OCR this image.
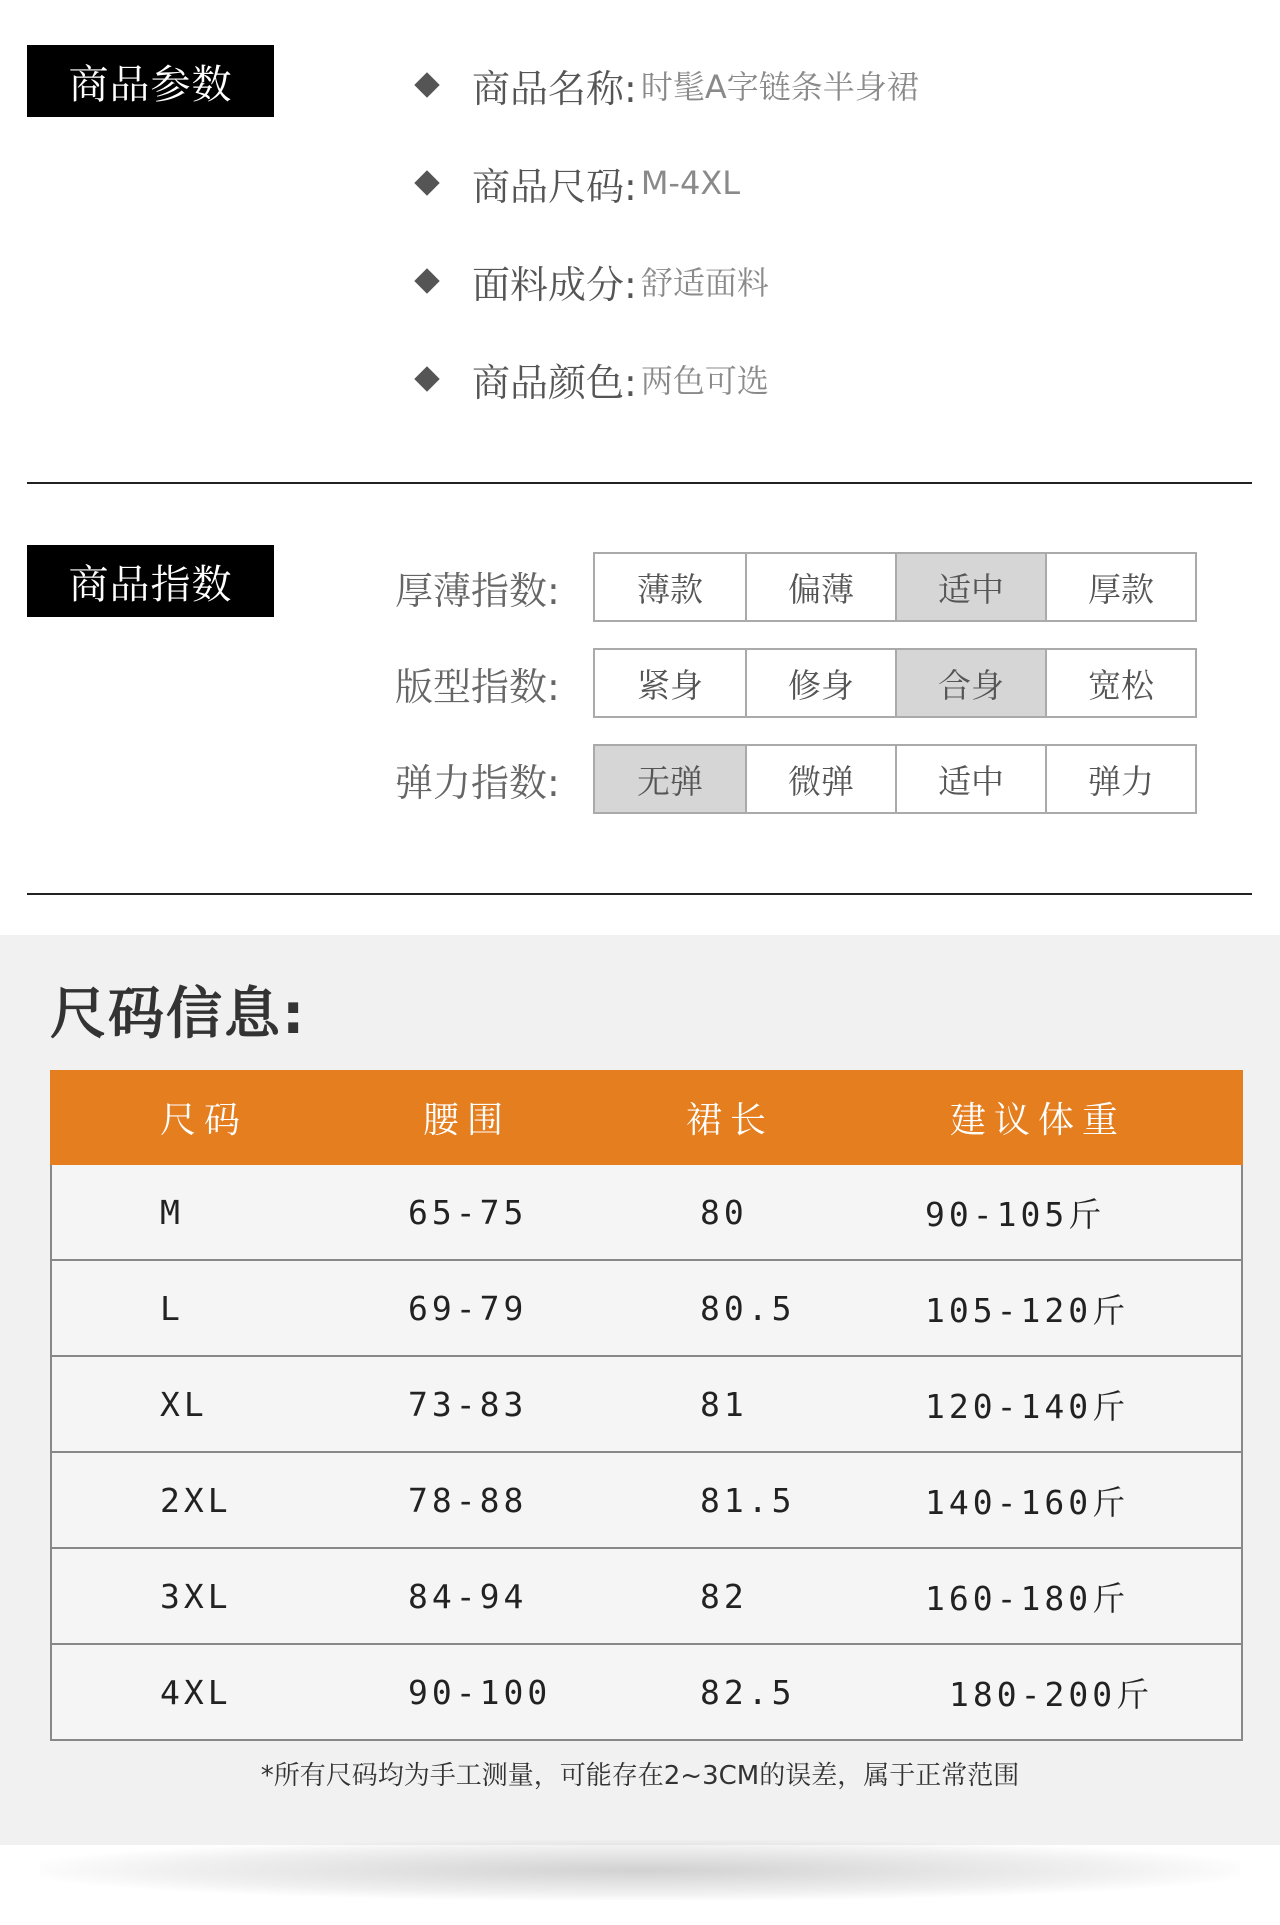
商品参数	商品名称: 时髦A字链条半身裙
商品尺码: M-4XL
面料成分: 舒适面料
商品颜色: 两色可选
商品指数	厚薄指数:	薄款	偏薄	适中	厚款
版型指数:	紧身	修身	合身	宽松
弹力指数:	无弹	微弹	适中	弹力
尺码信息:
尺码	腰围	裙长	建议体重
M	65-75	80	90-105斤
L	69-79	80.5	105-120斤
XL	73-83	81	120-140斤
2XL	78-88	81.5	140-160斤
3XL	84-94	82	160-180斤
4XL	90-100	82.5	180-200斤
*所有尺码均为手工测量，可能存在2~3CM的误差，属于正常范围
